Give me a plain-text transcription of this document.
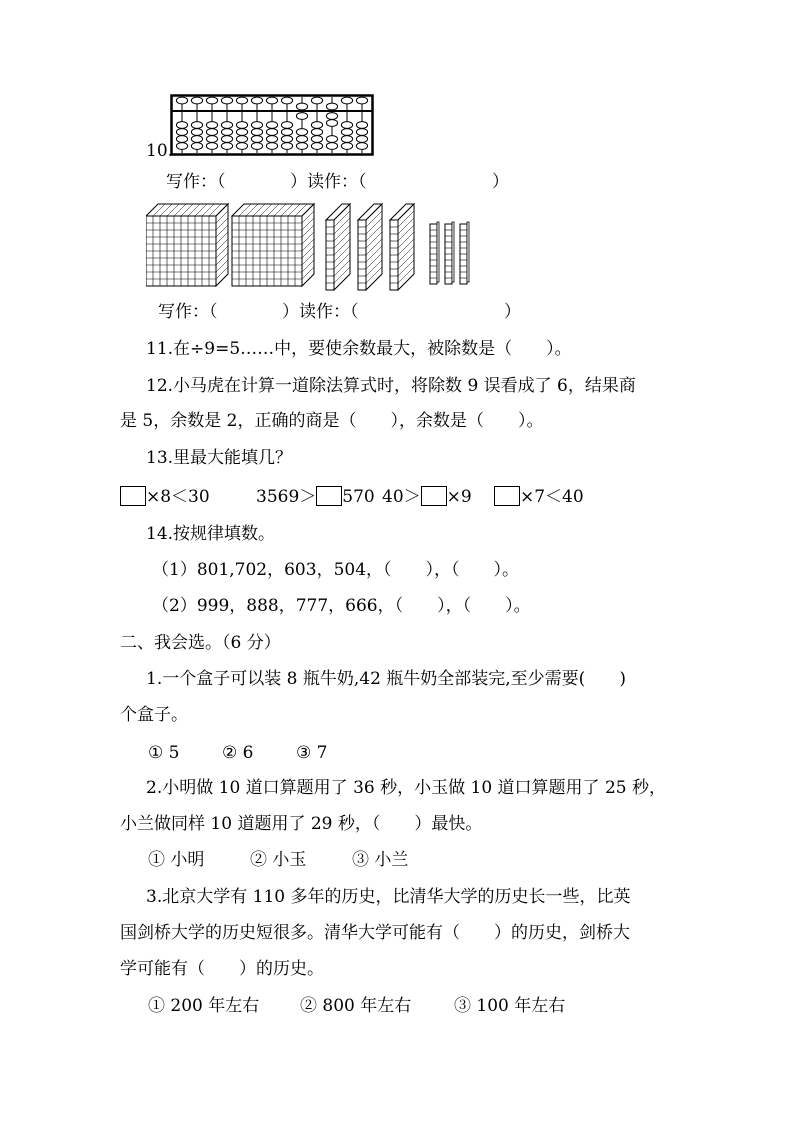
10.
写作：（	）读作：（	）
写作：（	）读作：（	）
11.在÷9=5……中，要使余数最大，被除数是（　　）。
12.小马虎在计算一道除法算式时，将除数 9 误看成了 6，结果商
是 5，余数是 2，正确的商是（　　），余数是（　　）。
13.里最大能填几？
×8＜30	3569＞ 570 40＞ ×9	×7＜40
14.按规律填数。
（1）801,702，603，504，（　　），（　　）。
（2）999，888，777，666，（　　），（　　）。
二、我会选。（6 分）
1.一个盒子可以装 8 瓶牛奶,42 瓶牛奶全部装完,至少需要(　　)
个盒子。
① 5	② 6	③ 7
2.小明做 10 道口算题用了 36 秒，小玉做 10 道口算题用了 25 秒，
小兰做同样 10 道题用了 29 秒，（　　）最快。
① 小明	② 小玉	③ 小兰
3.北京大学有 110 多年的历史，比清华大学的历史长一些，比英
国剑桥大学的历史短很多。清华大学可能有（　　）的历史，剑桥大
学可能有（　　）的历史。
① 200 年左右 ② 800 年左右	③ 100 年左右
